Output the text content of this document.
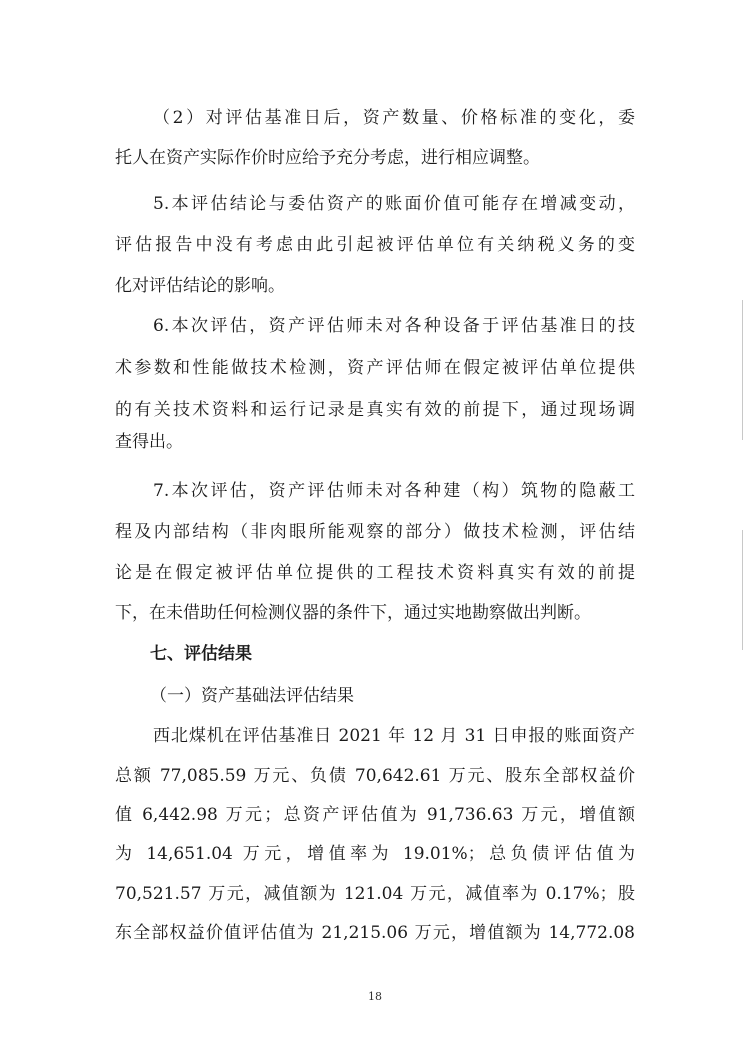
（2）对评估基准日后，资产数量、价格标准的变化，委
托人在资产实际作价时应给予充分考虑，进行相应调整。
5.本评估结论与委估资产的账面价值可能存在增减变动，
评估报告中没有考虑由此引起被评估单位有关纳税义务的变
化对评估结论的影响。
6.本次评估，资产评估师未对各种设备于评估基准日的技
术参数和性能做技术检测，资产评估师在假定被评估单位提供
的有关技术资料和运行记录是真实有效的前提下，通过现场调
查得出。
7.本次评估，资产评估师未对各种建（构）筑物的隐蔽工
程及内部结构（非肉眼所能观察的部分）做技术检测，评估结
论是在假定被评估单位提供的工程技术资料真实有效的前提
下，在未借助任何检测仪器的条件下，通过实地勘察做出判断。
七、评估结果
（一）资产基础法评估结果
西北煤机在评估基准日 2021 年 12 月 31 日申报的账面资产
总额 77,085.59 万元、负债 70,642.61 万元、股东全部权益价
值 6,442.98 万元；总资产评估值为 91,736.63 万元，增值额
为 14,651.04 万元，增值率为 19.01%；总负债评估值为
70,521.57 万元，减值额为 121.04 万元，减值率为 0.17%；股
东全部权益价值评估值为 21,215.06 万元，增值额为 14,772.08
18
